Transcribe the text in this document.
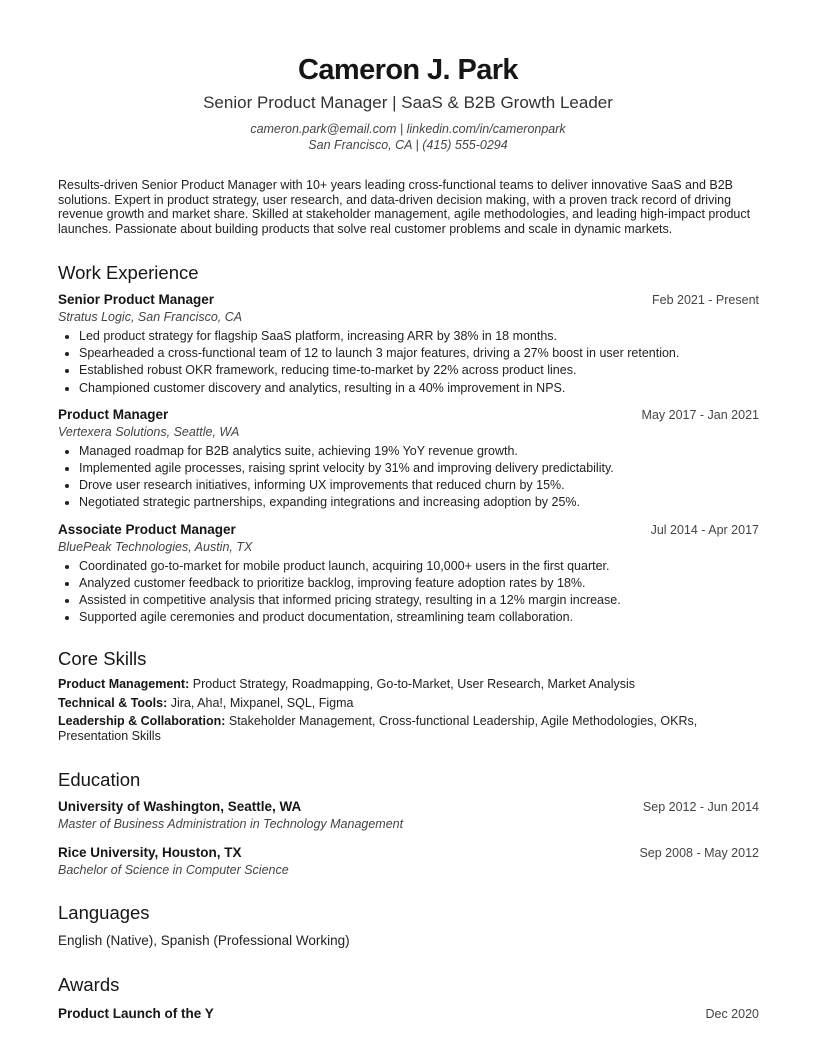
Cameron J. Park
Senior Product Manager | SaaS & B2B Growth Leader
cameron.park@email.com | linkedin.com/in/cameronpark
San Francisco, CA | (415) 555-0294

Results-driven Senior Product Manager with 10+ years leading cross-functional teams to deliver innovative SaaS and B2B solutions. Expert in product strategy, user research, and data-driven decision making, with a proven track record of driving revenue growth and market share. Skilled at stakeholder management, agile methodologies, and leading high-impact product launches. Passionate about building products that solve real customer problems and scale in dynamic markets.

Work Experience
Senior Product Manager	Feb 2021 - Present
Stratus Logic, San Francisco, CA
• Led product strategy for flagship SaaS platform, increasing ARR by 38% in 18 months.
• Spearheaded a cross-functional team of 12 to launch 3 major features, driving a 27% boost in user retention.
• Established robust OKR framework, reducing time-to-market by 22% across product lines.
• Championed customer discovery and analytics, resulting in a 40% improvement in NPS.
Product Manager	May 2017 - Jan 2021
Vertexera Solutions, Seattle, WA
• Managed roadmap for B2B analytics suite, achieving 19% YoY revenue growth.
• Implemented agile processes, raising sprint velocity by 31% and improving delivery predictability.
• Drove user research initiatives, informing UX improvements that reduced churn by 15%.
• Negotiated strategic partnerships, expanding integrations and increasing adoption by 25%.
Associate Product Manager	Jul 2014 - Apr 2017
BluePeak Technologies, Austin, TX
• Coordinated go-to-market for mobile product launch, acquiring 10,000+ users in the first quarter.
• Analyzed customer feedback to prioritize backlog, improving feature adoption rates by 18%.
• Assisted in competitive analysis that informed pricing strategy, resulting in a 12% margin increase.
• Supported agile ceremonies and product documentation, streamlining team collaboration.
Core Skills
Product Management: Product Strategy, Roadmapping, Go-to-Market, User Research, Market Analysis
Technical & Tools: Jira, Aha!, Mixpanel, SQL, Figma
Leadership & Collaboration: Stakeholder Management, Cross-functional Leadership, Agile Methodologies, OKRs, Presentation Skills
Education
University of Washington, Seattle, WA	Sep 2012 - Jun 2014
Master of Business Administration in Technology Management
Rice University, Houston, TX	Sep 2008 - May 2012
Bachelor of Science in Computer Science
Languages
English (Native), Spanish (Professional Working)
Awards
Product Launch of the Y	Dec 2020
